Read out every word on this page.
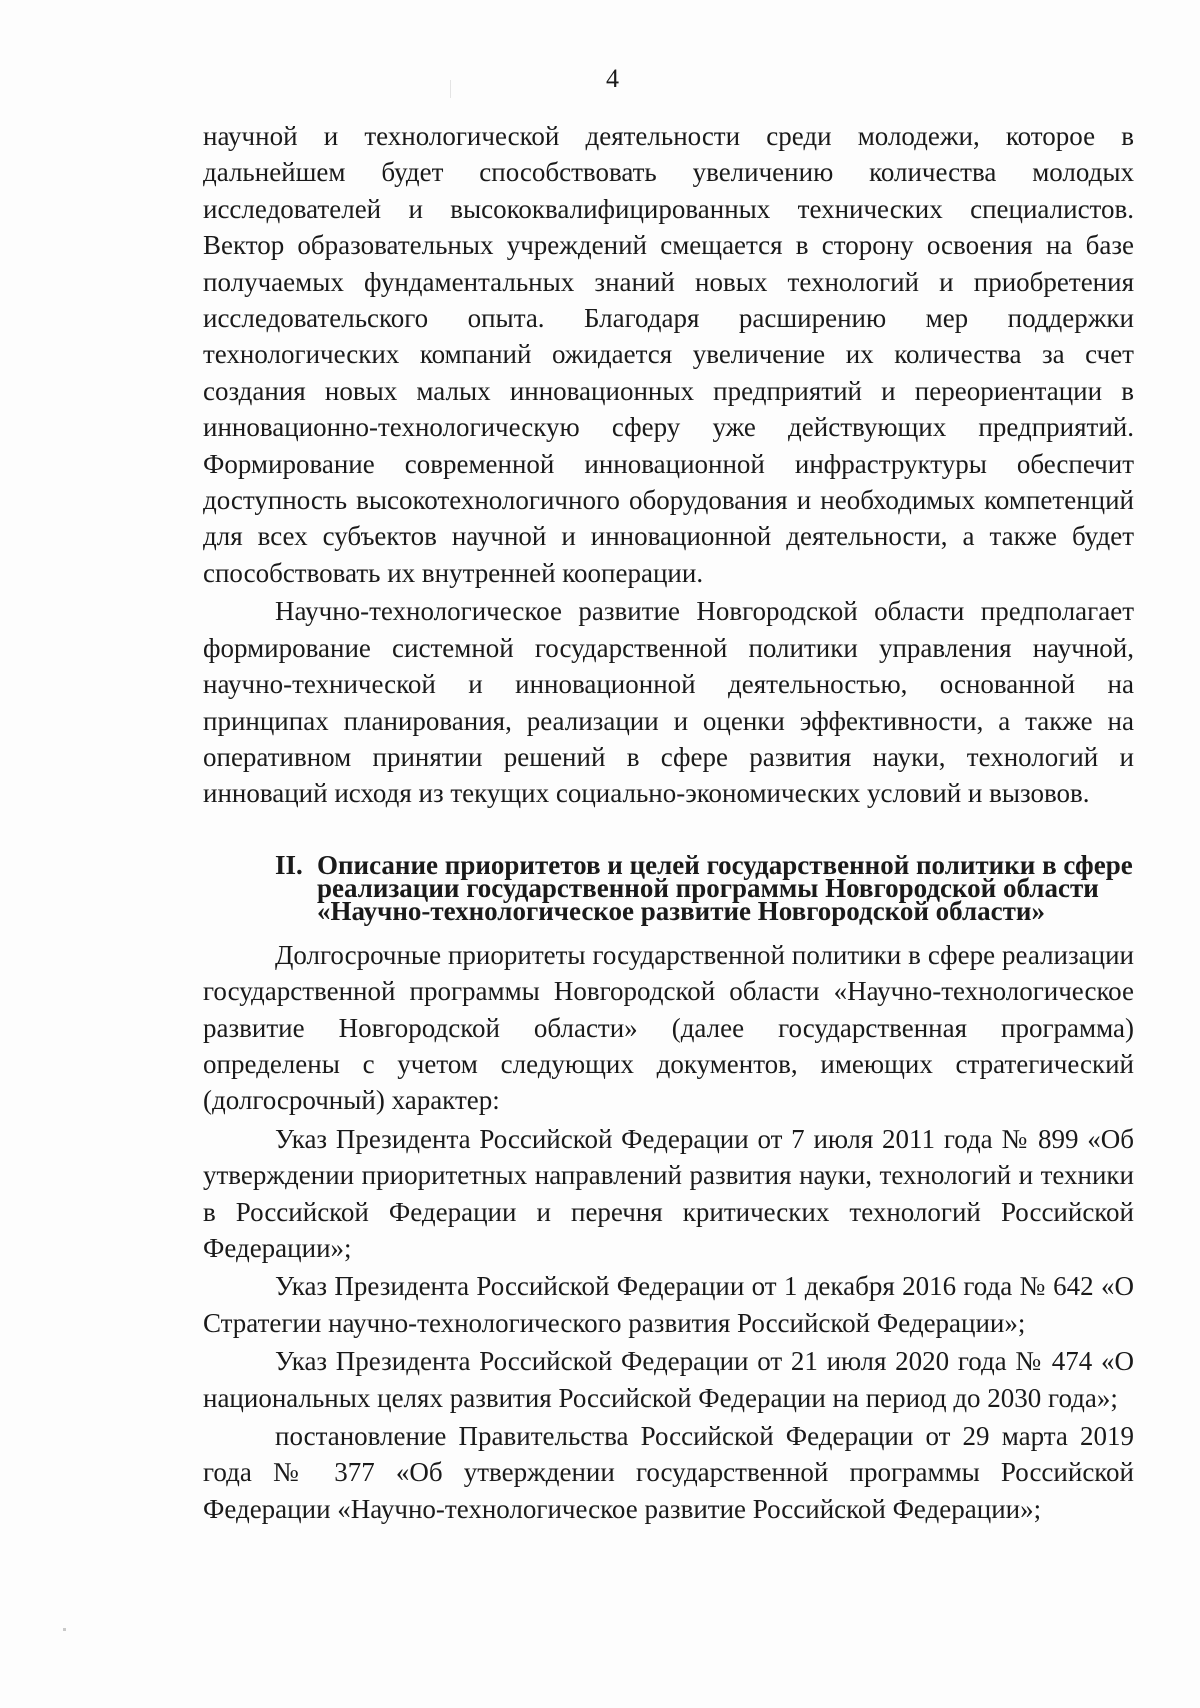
4

научной и технологической деятельности среди молодежи, которое в дальнейшем будет способствовать увеличению количества молодых исследователей и высококвалифицированных технических специалистов. Вектор образовательных учреждений смещается в сторону освоения на базе получаемых фундаментальных знаний новых технологий и приобретения исследовательского опыта. Благодаря расширению мер поддержки технологических компаний ожидается увеличение их количества за счет создания новых малых инновационных предприятий и переориентации в инновационно-технологическую сферу уже действующих предприятий. Формирование современной инновационной инфраструктуры обеспечит доступность высокотехнологичного оборудования и необходимых компетенций для всех субъектов научной и инновационной деятельности, а также будет способствовать их внутренней кооперации.

Научно-технологическое развитие Новгородской области предполагает формирование системной государственной политики управления научной, научно-технической и инновационной деятельностью, основанной на принципах планирования, реализации и оценки эффективности, а также на оперативном принятии решений в сфере развития науки, технологий и инноваций исходя из текущих социально-экономических условий и вызовов.

II. Описание приоритетов и целей государственной политики в сфере реализации государственной программы Новгородской области «Научно-технологическое развитие Новгородской области»

Долгосрочные приоритеты государственной политики в сфере реализации государственной программы Новгородской области «Научно-технологическое развитие Новгородской области» (далее государственная программа) определены с учетом следующих документов, имеющих стратегический (долгосрочный) характер:

Указ Президента Российской Федерации от 7 июля 2011 года № 899 «Об утверждении приоритетных направлений развития науки, технологий и техники в Российской Федерации и перечня критических технологий Российской Федерации»;

Указ Президента Российской Федерации от 1 декабря 2016 года № 642 «О Стратегии научно-технологического развития Российской Федерации»;

Указ Президента Российской Федерации от 21 июля 2020 года № 474 «О национальных целях развития Российской Федерации на период до 2030 года»;

постановление Правительства Российской Федерации от 29 марта 2019 года № 377 «Об утверждении государственной программы Российской Федерации «Научно-технологическое развитие Российской Федерации»;
